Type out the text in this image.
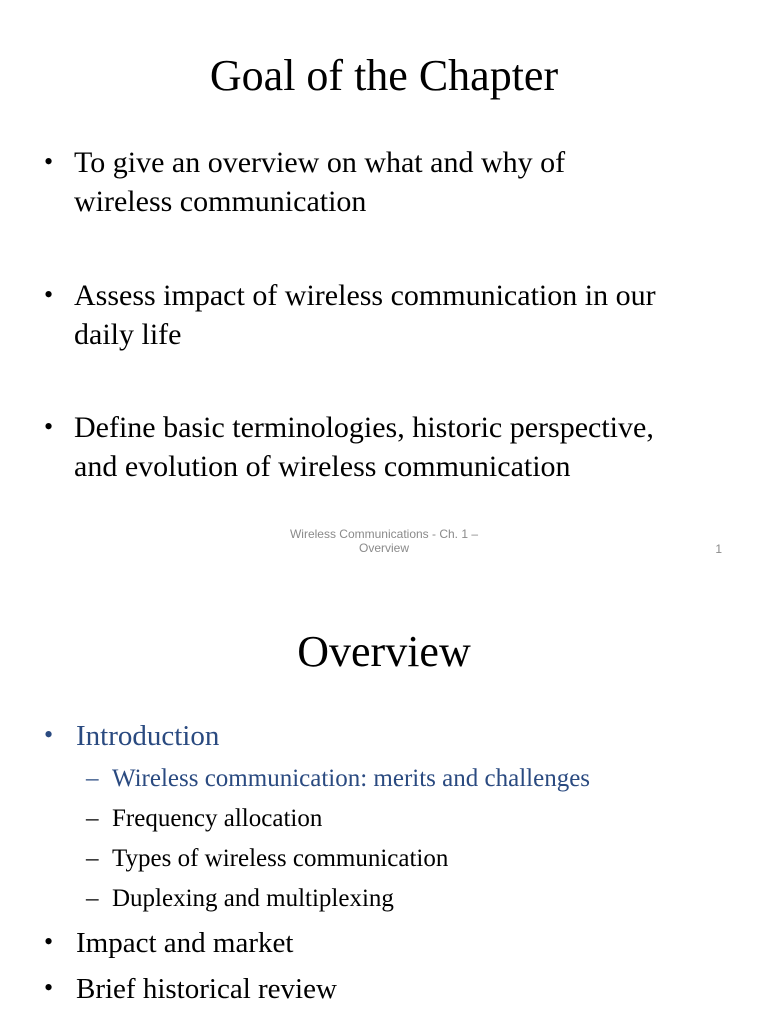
Goal of the Chapter
• To give an overview on what and why of
wireless communication
• Assess impact of wireless communication in our
daily life
• Define basic terminologies, historic perspective,
and evolution of wireless communication
Wireless Communications - Ch. 1 –
Overview	1
Overview
• Introduction
– Wireless communication: merits and challenges
– Frequency allocation
– Types of wireless communication
– Duplexing and multiplexing
• Impact and market
• Brief historical review
